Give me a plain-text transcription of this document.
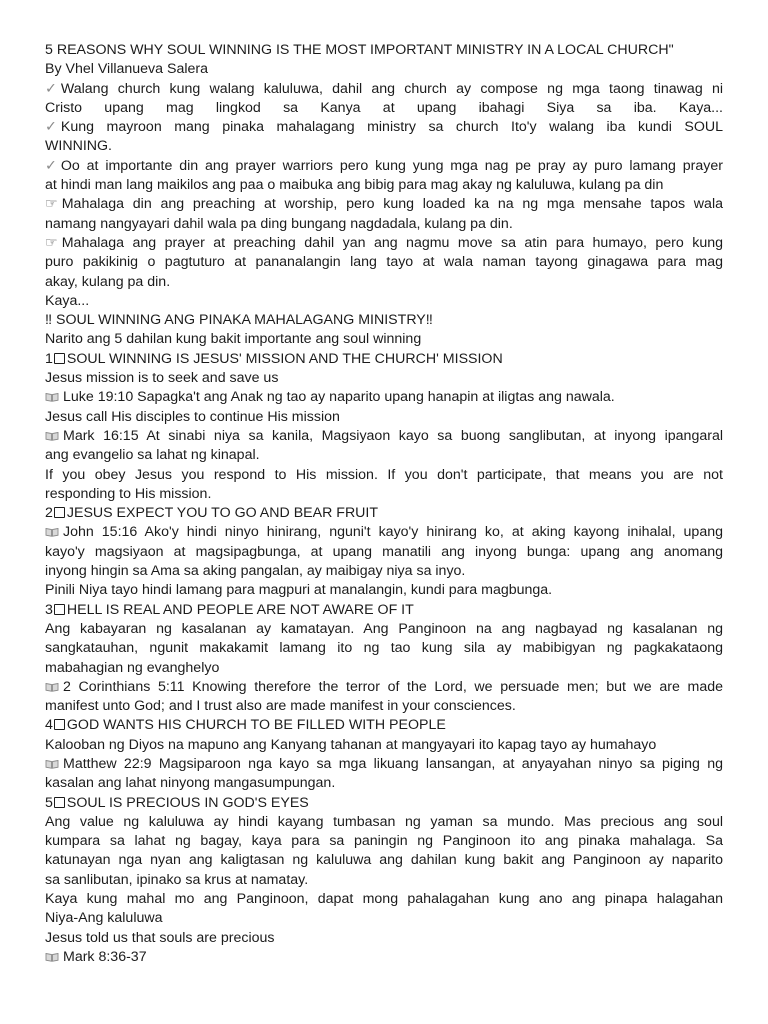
5 REASONS WHY SOUL WINNING IS THE MOST IMPORTANT MINISTRY IN A LOCAL CHURCH"
By Vhel Villanueva Salera
✓ Walang church kung walang kaluluwa, dahil ang church ay compose ng mga taong tinawag ni
Cristo upang mag lingkod sa Kanya at upang ibahagi Siya sa iba. Kaya...
✓ Kung mayroon mang pinaka mahalagang ministry sa church Ito'y walang iba kundi SOUL
WINNING.
✓ Oo at importante din ang prayer warriors pero kung yung mga nag pe pray ay puro lamang prayer
at hindi man lang maikilos ang paa o maibuka ang bibig para mag akay ng kaluluwa, kulang pa din
☞ Mahalaga din ang preaching at worship, pero kung loaded ka na ng mga mensahe tapos wala
namang nangyayari dahil wala pa ding bungang nagdadala, kulang pa din.
☞ Mahalaga ang prayer at preaching dahil yan ang nagmu move sa atin para humayo, pero kung
puro pakikinig o pagtuturo at pananalangin lang tayo at wala naman tayong ginagawa para mag
akay, kulang pa din.
Kaya...
‼ SOUL WINNING ANG PINAKA MAHALAGANG MINISTRY‼
Narito ang 5 dahilan kung bakit importante ang soul winning
1 SOUL WINNING IS JESUS' MISSION AND THE CHURCH' MISSION
Jesus mission is to seek and save us
Luke 19:10 Sapagka't ang Anak ng tao ay naparito upang hanapin at iligtas ang nawala.
Jesus call His disciples to continue His mission
Mark 16:15 At sinabi niya sa kanila, Magsiyaon kayo sa buong sanglibutan, at inyong ipangaral
ang evangelio sa lahat ng kinapal.
If you obey Jesus you respond to His mission. If you don't participate, that means you are not
responding to His mission.
2 JESUS EXPECT YOU TO GO AND BEAR FRUIT
John 15:16 Ako'y hindi ninyo hinirang, nguni't kayo'y hinirang ko, at aking kayong inihalal, upang
kayo'y magsiyaon at magsipagbunga, at upang manatili ang inyong bunga: upang ang anomang
inyong hingin sa Ama sa aking pangalan, ay maibigay niya sa inyo.
Pinili Niya tayo hindi lamang para magpuri at manalangin, kundi para magbunga.
3 HELL IS REAL AND PEOPLE ARE NOT AWARE OF IT
Ang kabayaran ng kasalanan ay kamatayan. Ang Panginoon na ang nagbayad ng kasalanan ng
sangkatauhan, ngunit makakamit lamang ito ng tao kung sila ay mabibigyan ng pagkakataong
mabahagian ng evanghelyo
2 Corinthians 5:11 Knowing therefore the terror of the Lord, we persuade men; but we are made
manifest unto God; and I trust also are made manifest in your consciences.
4 GOD WANTS HIS CHURCH TO BE FILLED WITH PEOPLE
Kalooban ng Diyos na mapuno ang Kanyang tahanan at mangyayari ito kapag tayo ay humahayo
Matthew 22:9 Magsiparoon nga kayo sa mga likuang lansangan, at anyayahan ninyo sa piging ng
kasalan ang lahat ninyong mangasumpungan.
5 SOUL IS PRECIOUS IN GOD'S EYES
Ang value ng kaluluwa ay hindi kayang tumbasan ng yaman sa mundo. Mas precious ang soul
kumpara sa lahat ng bagay, kaya para sa paningin ng Panginoon ito ang pinaka mahalaga. Sa
katunayan nga nyan ang kaligtasan ng kaluluwa ang dahilan kung bakit ang Panginoon ay naparito
sa sanlibutan, ipinako sa krus at namatay.
Kaya kung mahal mo ang Panginoon, dapat mong pahalagahan kung ano ang pinapa halagahan
Niya-Ang kaluluwa
Jesus told us that souls are precious
Mark 8:36-37
